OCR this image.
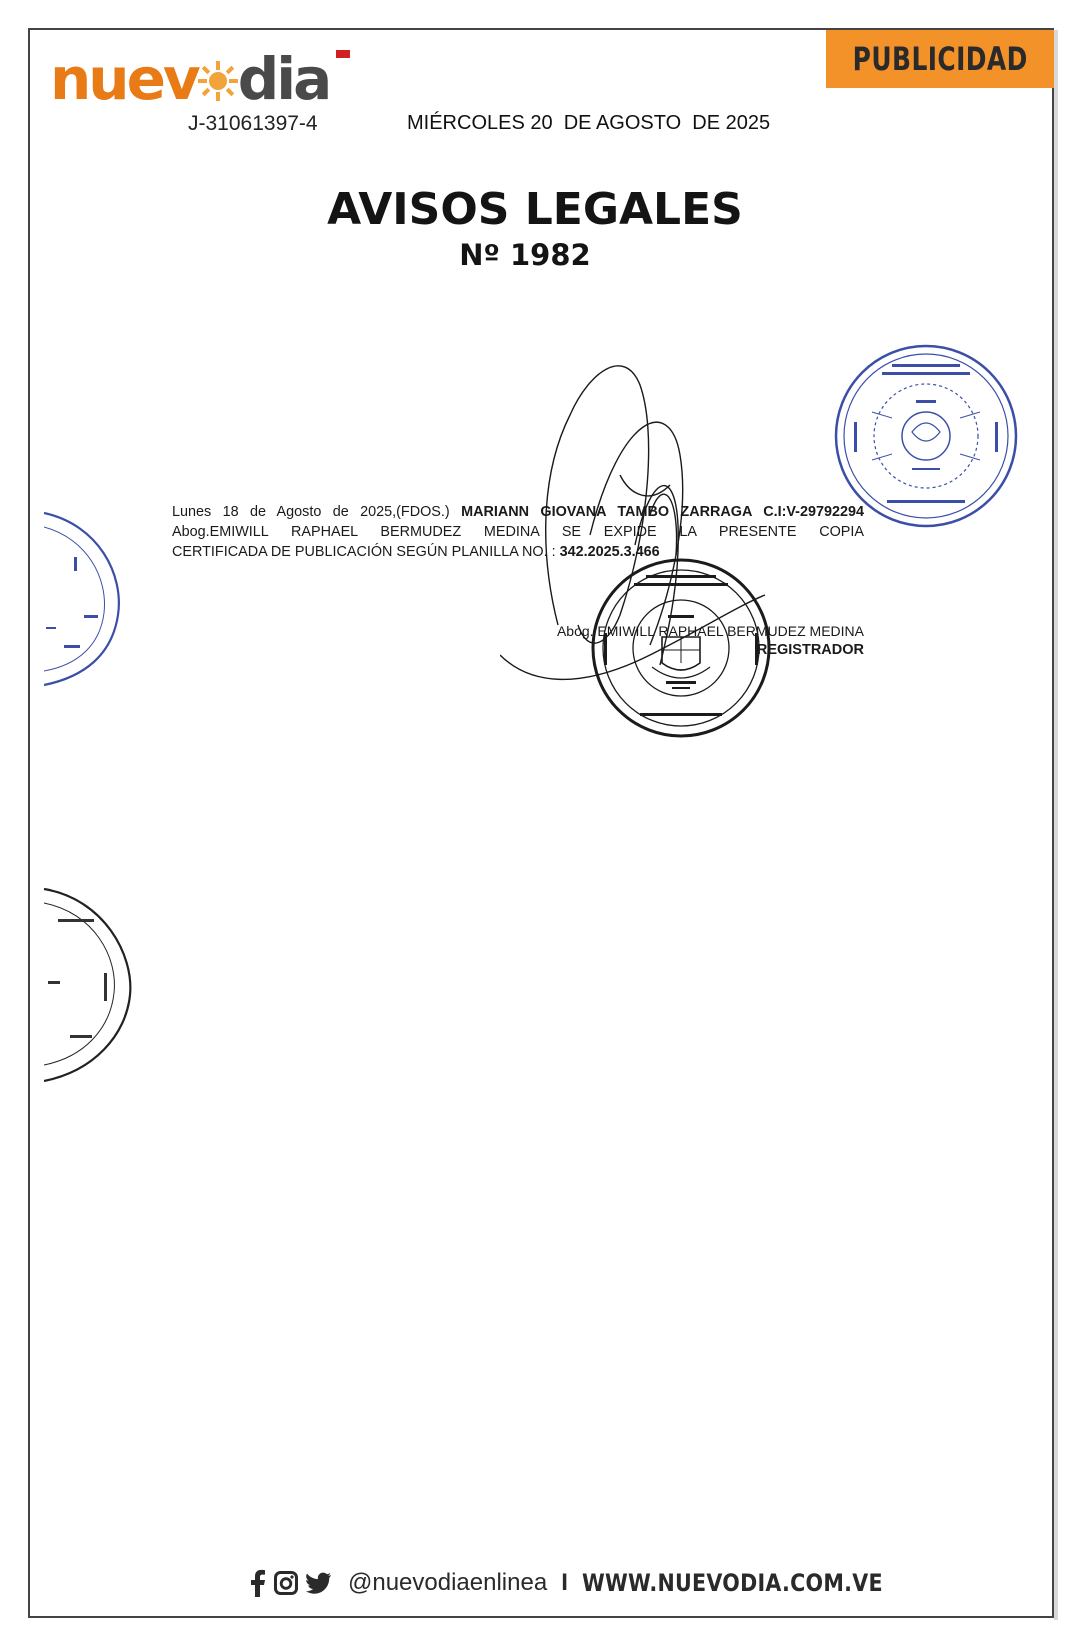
nuev dia
J-31061397-4	MIÉRCOLES 20  DE AGOSTO  DE 2025
PUBLICIDAD
AVISOS LEGALES
Nº 1982
Lunes 18 de Agosto de 2025,(FDOS.) MARIANN GIOVANA TAMBO ZARRAGA C.I:V-29792294
Abog.EMIWILL RAPHAEL BERMUDEZ MEDINA SE EXPIDE LA PRESENTE COPIA
CERTIFICADA DE PUBLICACIÓN SEGÚN PLANILLA NO. : 342.2025.3.466
Abog. EMIWILL RAPHAEL BERMUDEZ MEDINA
REGISTRADOR
@nuevodiaenlinea I WWW.NUEVODIA.COM.VE
